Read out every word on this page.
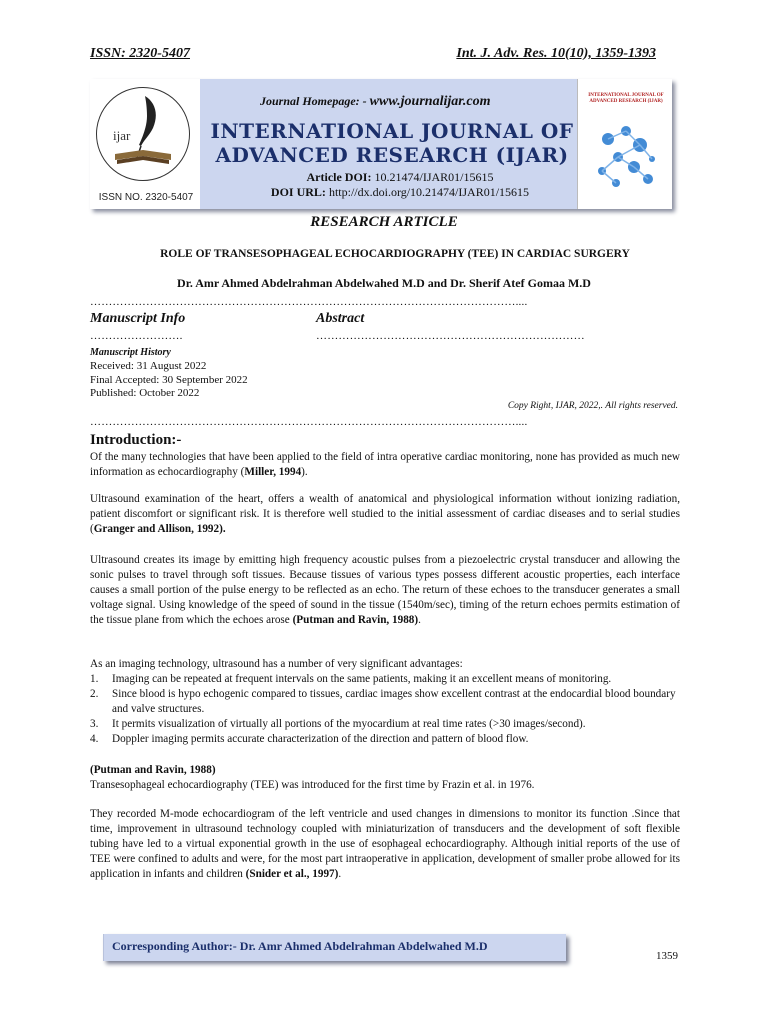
ISSN: 2320-5407	Int. J. Adv. Res. 10(10), 1359-1393
ijar
ISSN NO. 2320-5407
Journal Homepage: - www.journalijar.com
INTERNATIONAL JOURNAL OF
ADVANCED RESEARCH (IJAR)
Article DOI: 10.21474/IJAR01/15615
DOI URL: http://dx.doi.org/10.21474/IJAR01/15615
INTERNATIONAL JOURNAL OF ADVANCED RESEARCH (IJAR)
RESEARCH ARTICLE
ROLE OF TRANSESOPHAGEAL ECHOCARDIOGRAPHY (TEE) IN CARDIAC SURGERY
Dr. Amr Ahmed Abdelrahman Abdelwahed M.D and Dr. Sherif Atef Gomaa M.D
……………………………………………………………………………………………………....
Manuscript Info	Abstract
…………………….	………………………………………………………………
Manuscript History
Received: 31 August 2022
Final Accepted: 30 September 2022
Published: October 2022
Copy Right, IJAR, 2022,. All rights reserved.
……………………………………………………………………………………………………....
Introduction:-
Of the many technologies that have been applied to the field of intra operative cardiac monitoring, none has provided as much new information as echocardiography (Miller, 1994).
Ultrasound examination of the heart, offers a wealth of anatomical and physiological information without ionizing radiation, patient discomfort or significant risk. It is therefore well studied to the initial assessment of cardiac diseases and to serial studies (Granger and Allison, 1992).
Ultrasound creates its image by emitting high frequency acoustic pulses from a piezoelectric crystal transducer and allowing the sonic pulses to travel through soft tissues. Because tissues of various types possess different acoustic properties, each interface causes a small portion of the pulse energy to be reflected as an echo. The return of these echoes to the transducer generates a small voltage signal. Using knowledge of the speed of sound in the tissue (1540m/sec), timing of the return echoes permits estimation of the tissue plane from which the echoes arose (Putman and Ravin, 1988).
As an imaging technology, ultrasound has a number of very significant advantages:
1. Imaging can be repeated at frequent intervals on the same patients, making it an excellent means of monitoring.
2. Since blood is hypo echogenic compared to tissues, cardiac images show excellent contrast at the endocardial blood boundary and valve structures.
3. It permits visualization of virtually all portions of the myocardium at real time rates (>30 images/second).
4. Doppler imaging permits accurate characterization of the direction and pattern of blood flow.
(Putman and Ravin, 1988)
Transesophageal echocardiography (TEE) was introduced for the first time by Frazin et al. in 1976.
They recorded M-mode echocardiogram of the left ventricle and used changes in dimensions to monitor its function .Since that time, improvement in ultrasound technology coupled with miniaturization of transducers and the development of soft flexible tubing have led to a virtual exponential growth in the use of esophageal echocardiography. Although initial reports of the use of TEE were confined to adults and were, for the most part intraoperative in application, development of smaller probe allowed for its application in infants and children (Snider et al., 1997).
Corresponding Author:- Dr. Amr Ahmed Abdelrahman Abdelwahed M.D
1359
